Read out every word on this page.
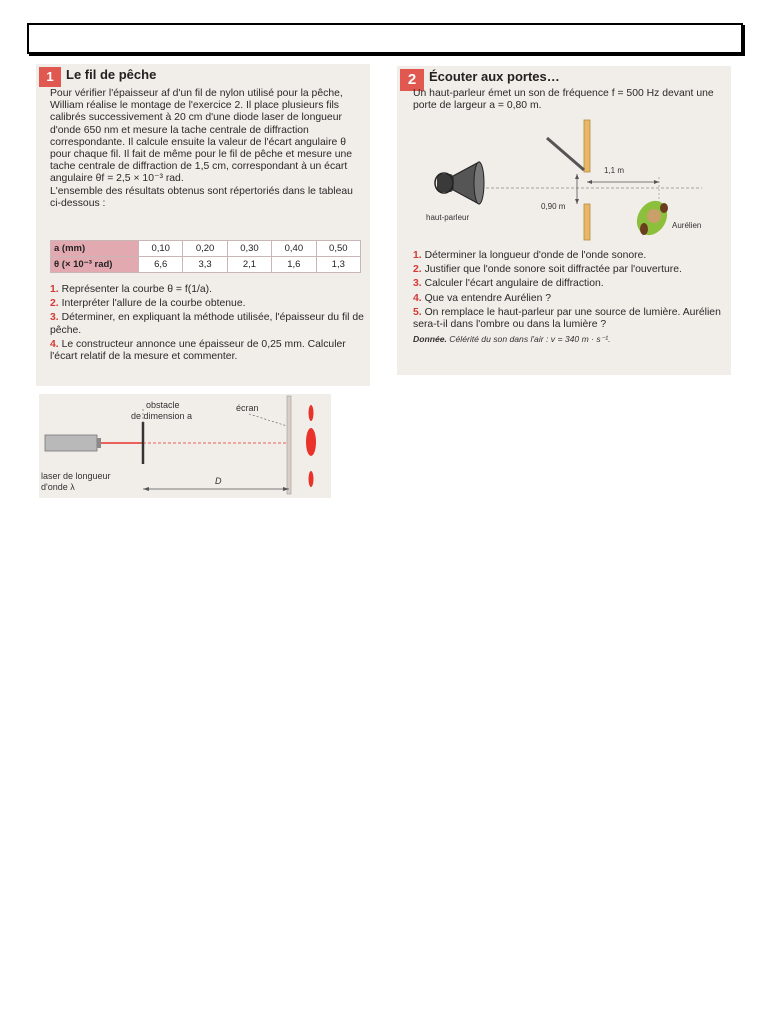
1 Le fil de pêche
Pour vérifier l'épaisseur af d'un fil de nylon utilisé pour la pêche, William réalise le montage de l'exercice 2. Il place plusieurs fils calibrés successivement à 20 cm d'une diode laser de longueur d'onde 650 nm et mesure la tache centrale de diffraction correspondante. Il calcule ensuite la valeur de l'écart angulaire θ pour chaque fil. Il fait de même pour le fil de pêche et mesure une tache centrale de diffraction de 1,5 cm, correspondant à un écart angulaire θf = 2,5 × 10⁻³ rad.
L'ensemble des résultats obtenus sont répertoriés dans le tableau ci-dessous :
a (mm)	0,10	0,20	0,30	0,40	0,50
θ (× 10⁻³ rad)	6,6	3,3	2,1	1,6	1,3
1. Représenter la courbe θ = f(1/a).
2. Interpréter l'allure de la courbe obtenue.
3. Déterminer, en expliquant la méthode utilisée, l'épaisseur du fil de pêche.
4. Le constructeur annonce une épaisseur de 0,25 mm. Calculer l'écart relatif de la mesure et commenter.
2 Écouter aux portes…
Un haut-parleur émet un son de fréquence f = 500 Hz devant une porte de largeur a = 0,80 m.
1,1 m
0,90 m
haut-parleur
Aurélien
1. Déterminer la longueur d'onde de l'onde sonore.
2. Justifier que l'onde sonore soit diffractée par l'ouverture.
3. Calculer l'écart angulaire de diffraction.
4. Que va entendre Aurélien ?
5. On remplace le haut-parleur par une source de lumière. Aurélien sera-t-il dans l'ombre ou dans la lumière ?
Donnée. Célérité du son dans l'air : v = 340 m · s⁻¹.
obstacle
de dimension a
écran
laser de longueur
d'onde λ
D
